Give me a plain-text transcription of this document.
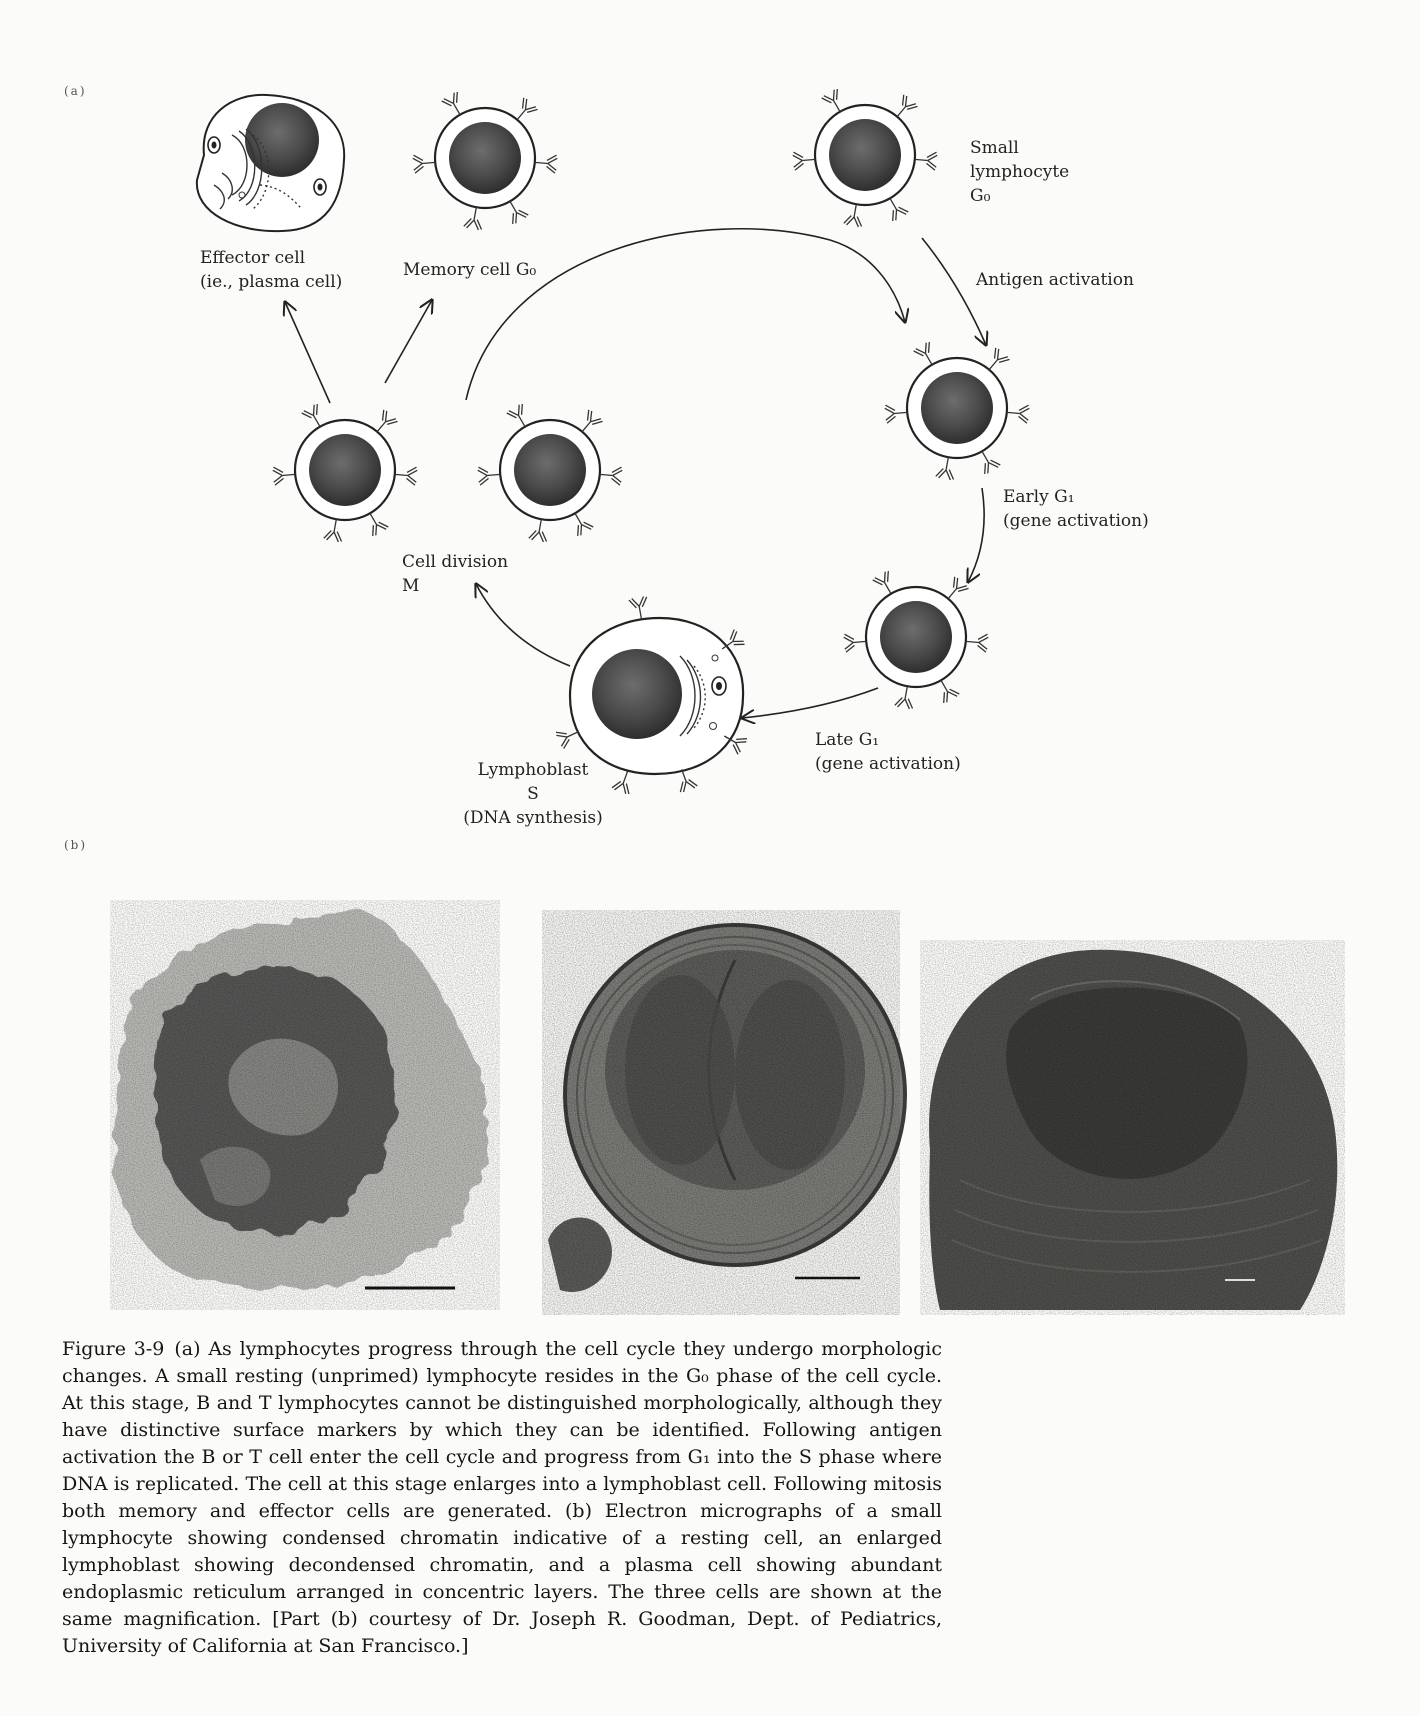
(a)
(b)
Small
lymphocyte
G₀
Antigen activation
Early G₁
(gene activation)
Late G₁
(gene activation)
Lymphoblast
S
(DNA synthesis)
Cell division
M
Effector cell
(ie., plasma cell)
Memory cell G₀
Figure 3-9 (a) As lymphocytes progress through the cell cycle they undergo morphologic changes. A small resting (unprimed) lymphocyte resides in the G₀ phase of the cell cycle. At this stage, B and T lymphocytes cannot be distinguished morphologically, although they have distinctive surface markers by which they can be identified. Following antigen activation the B or T cell enter the cell cycle and progress from G₁ into the S phase where DNA is replicated. The cell at this stage enlarges into a lymphoblast cell. Following mitosis both memory and effector cells are generated. (b) Electron micrographs of a small lymphocyte showing condensed chromatin indicative of a resting cell, an enlarged lymphoblast showing decondensed chromatin, and a plasma cell showing abundant endoplasmic reticulum arranged in concentric layers. The three cells are shown at the same magnification. [Part (b) courtesy of Dr. Joseph R. Goodman, Dept. of Pediatrics, University of California at San Francisco.]
